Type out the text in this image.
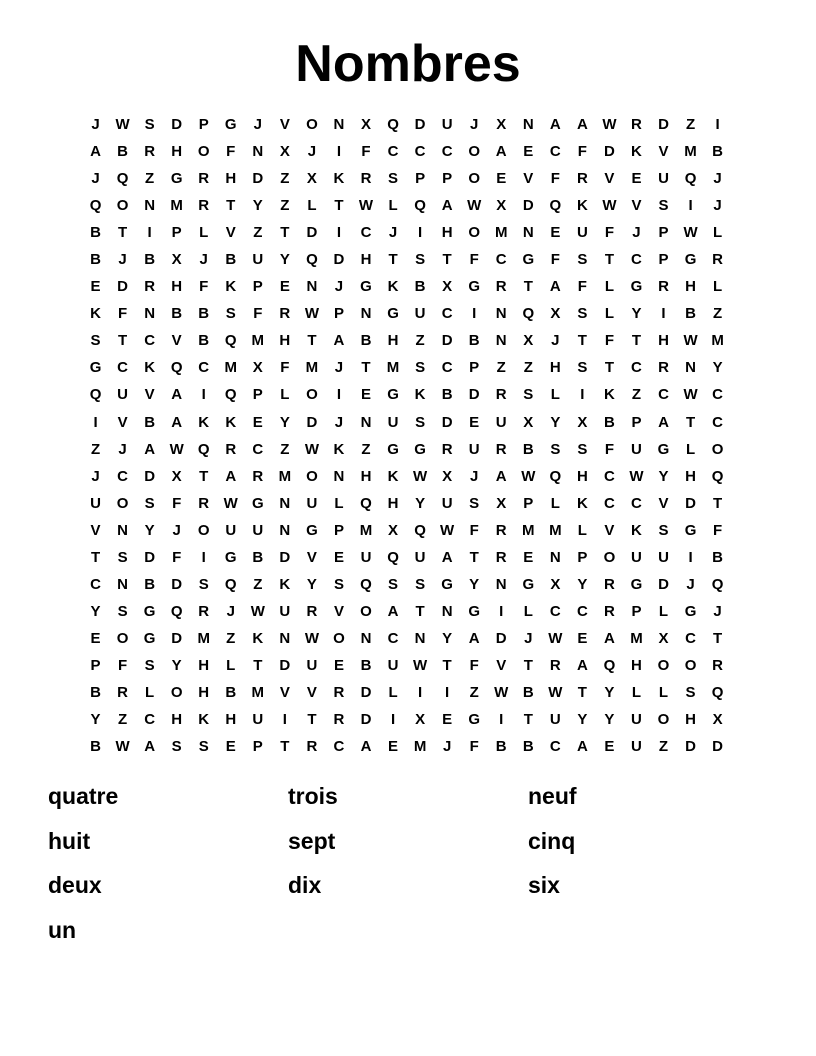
Nombres
J	W S	D	P	G	J	V	O	N	X	Q	D	U	J	X	N	A	A W R	D	Z	I
A	B	R	H	O	F	N	X	J	I	F	C	C	C	O	A	E	C	F	D	K	V	M	B
J	Q	Z	G	R	H	D	Z	X	K	R	S	P	P	O	E	V	F	R	V	E	U	Q	J
Q	O	N	M	R	T	Y	Z	L	T	W	L	Q	A W X	D	Q	K W V	S	I	J
B	T	I	P	L	V	Z	T	D	I	C	J	I	H	O M	N	E	U	F	J	P W	L
B	J	B	X	J	B	U	Y	Q	D	H	T	S	T	F	C	G	F	S	T	C	P	G	R
E	D	R	H	F	K	P	E	N	J	G	K	B	X	G	R	T	A	F	L	G	R	H	L
K	F	N	B	B	S	F	R W P	N	G	U	C	I	N	Q	X	S	L	Y	I	B	Z
S	T	C	V	B	Q M	H	T	A	B	H	Z	D	B	N	X	J	T	F	T	H W M
G	C	K	Q	C	M	X	F	M	J	T	M	S	C	P	Z	Z	H	S	T	C	R	N	Y
Q	U	V	A	I	Q	P	L	O	I	E	G	K	B	D	R	S	L	I	K	Z	C W C
I	V	B	A	K	K	E	Y	D	J	N	U	S	D	E	U	X	Y	X	B	P	A	T	C
Z	J	A W Q	R	C	Z	W K	Z	G	G	R	U	R	B	S	S	F	U	G	L	O
J	C	D	X	T	A	R	M O	N	H	K W X	J	A W Q	H	C W Y	H	Q
U	O	S	F	R W G	N	U	L	Q	H	Y	U	S	X	P	L	K	C	C	V	D	T
V	N	Y	J	O	U	U	N	G	P	M	X	Q W	F	R	M M	L	V	K	S	G	F
T	S	D	F	I	G	B	D	V	E	U	Q	U	A	T	R	E	N	P	O	U	U	I	B
C	N	B	D	S	Q	Z	K	Y	S	Q	S	S	G	Y	N	G	X	Y	R	G	D	J	Q
Y	S	G	Q	R	J	W U	R	V	O	A	T	N	G	I	L	C	C	R	P	L	G	J
E	O	G	D	M	Z	K	N W O	N	C	N	Y	A	D	J	W E	A	M	X	C	T
P	F	S	Y	H	L	T	D	U	E	B	U W	T	F	V	T	R	A	Q	H	O	O	R
B	R	L	O	H	B	M	V	V	R	D	L	I	I	Z	W B W	T	Y	L	L	S	Q
Y	Z	C	H	K	H	U	I	T	R	D	I	X	E	G	I	T	U	Y	Y	U	O	H	X
B W A	S	S	E	P	T	R	C	A	E	M	J	F	B	B	C	A	E	U	Z	D	D
quatre	trois	neuf
huit	sept	cinq
deux	dix	six
un
